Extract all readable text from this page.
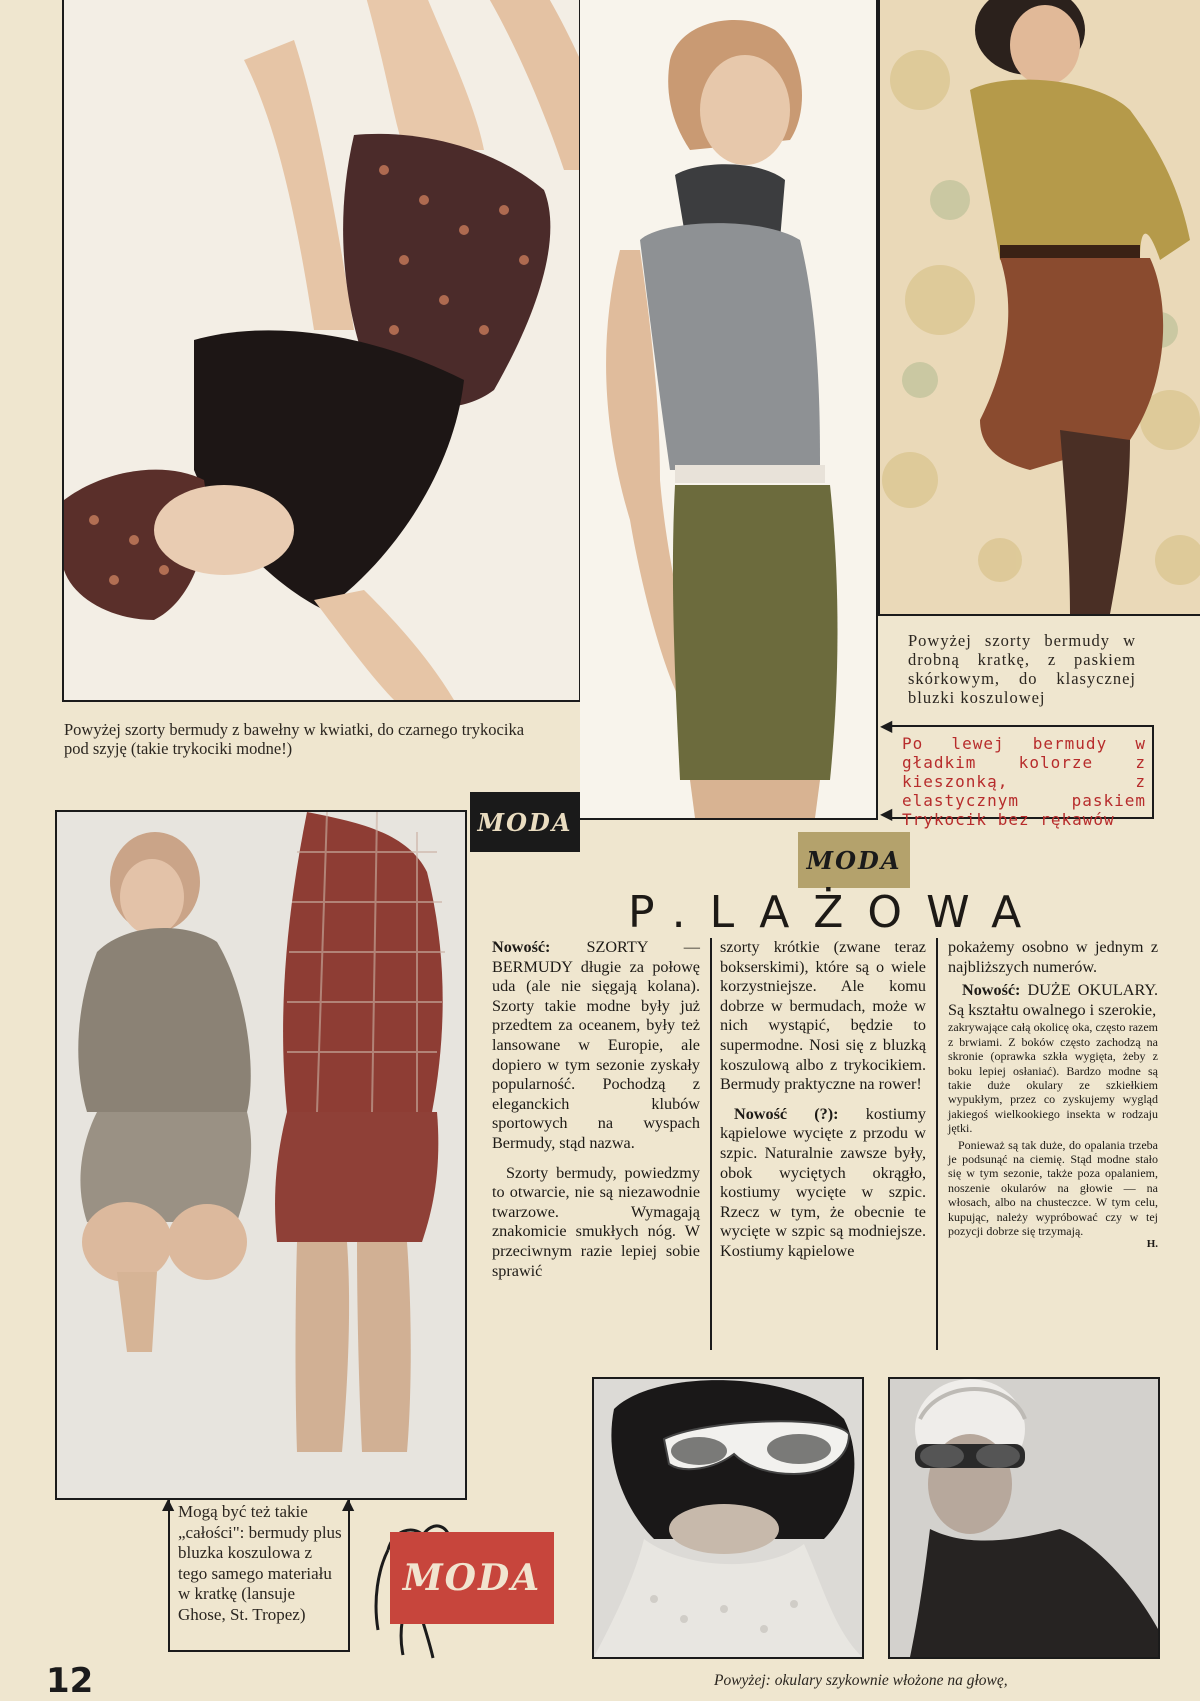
Powyżej szorty bermudy z bawełny w kwiatki, do czarnego trykocika pod szyję (takie trykociki modne!)
Powyżej szorty bermudy w drobną kratkę, z paskiem skórkowym, do klasycznej bluzki koszulowej
◀
Po lewej bermudy w gładkim kolorze z kieszonką, z elastycznym paskiem Trykocik bez rękawów
◀
MODA
MODA
P.LAŻOWA
▲	▲
Mogą być też takie „całości": bermudy plus bluzka koszulowa z tego samego materiału w kratkę (lansuje Ghose, St. Tropez)
MODA

Nowość: SZORTY — BERMUDY długie za połowę uda (ale nie sięgają kolana). Szorty takie modne były już przedtem za oceanem, były też lansowane w Europie, ale dopiero w tym sezonie zyskały popularność. Pochodzą z eleganckich klubów sportowych na wyspach Bermudy, stąd nazwa.

Szorty bermudy, powiedzmy to otwarcie, nie są niezawodnie twarzowe. Wymagają znakomicie smukłych nóg. W przeciwnym razie lepiej sobie sprawić

szorty krótkie (zwane teraz bokserskimi), które są o wiele korzystniejsze. Ale komu dobrze w bermudach, może w nich wystąpić, będzie to supermodne. Nosi się z bluzką koszulową albo z trykocikiem. Bermudy praktyczne na rower!

Nowość (?): kostiumy kąpielowe wycięte z przodu w szpic. Naturalnie zawsze były, obok wyciętych okrągło, kostiumy wycięte w szpic. Rzecz w tym, że obecnie te wycięte w szpic są modniejsze. Kostiumy kąpielowe

pokażemy osobno w jednym z najbliższych numerów.

Nowość: DUŻE OKULARY. Są kształtu owalnego i szerokie,

zakrywające całą okolicę oka, często razem z brwiami. Z boków często zachodzą na skronie (oprawka szkła wygięta, żeby z boku lepiej osłaniać). Bardzo modne są takie duże okulary ze szkiełkiem wypukłym, przez co zyskujemy wygląd jakiegoś wielkookiego insekta w rodzaju jętki.

Ponieważ są tak duże, do opalania trzeba je podsunąć na ciemię. Stąd modne stało się w tym sezonie, także poza opalaniem, noszenie okularów na głowie — na włosach, albo na chusteczce. W tym celu, kupując, należy wypróbować czy w tej pozycji dobrze się trzymają.

H.
Powyżej: okulary szykownie włożone na głowę,
12
